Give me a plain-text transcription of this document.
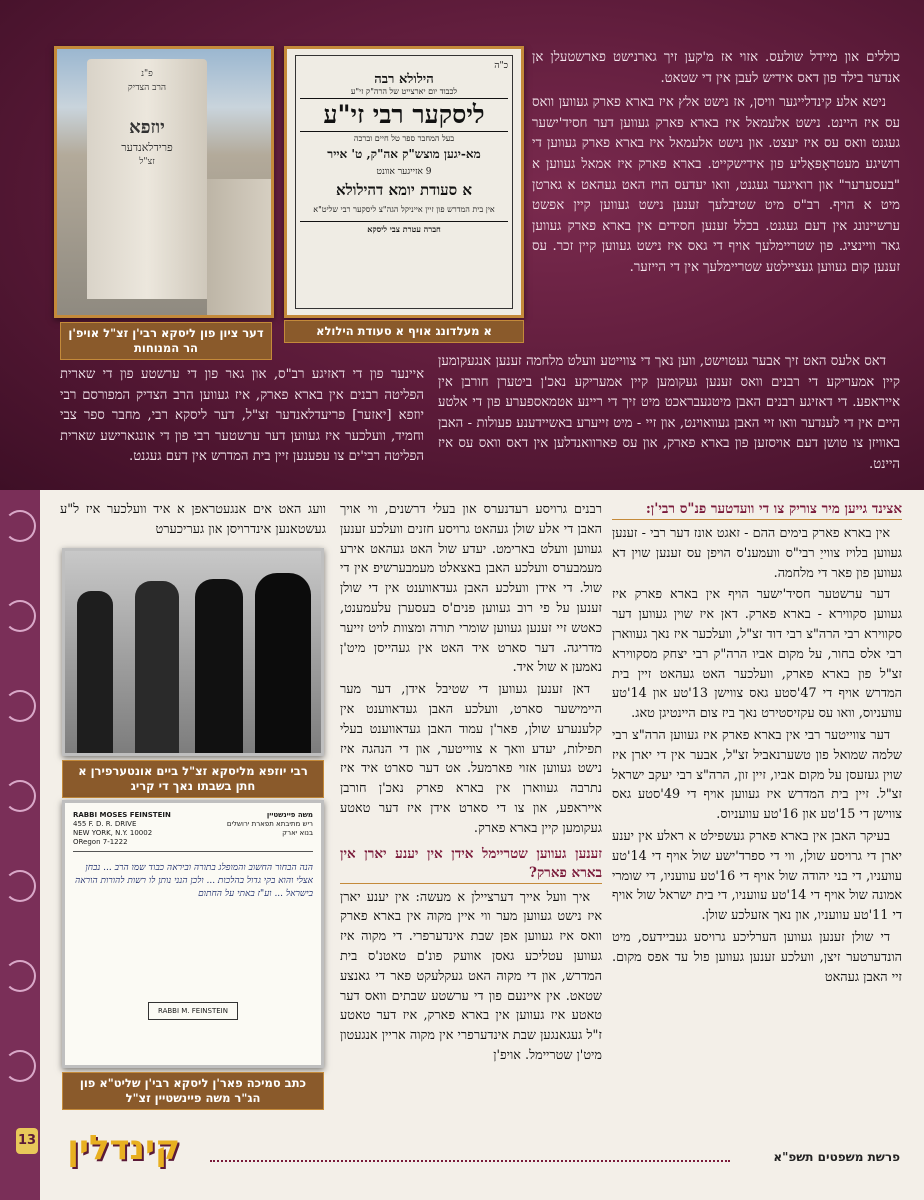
כוללים און מיידל שולעס. אזוי אז מ'קען זיך גארנישט פארשטעלן אן אנדער בילד פון דאס אידיש לעבן אין די שטאט.

ניטא אלע קינדלייגער וויסן, אז נישט אלץ איז בארא פארק געווען וואס עס איז היינט. נישט אלעמאל איז בארא פארק געווען דער חסיד'ישער געגנט וואס עס איז יעצט. און נישט אלעמאל איז בארא פארק געווען די רושיגע מעטראָפּאָליע פון אידישקייט. בארא פארק איז אמאל געווען א "בעסערער" און רואיגער געגנט, וואו יעדעס הויז האט געהאט א גארטן מיט א הויף. רב"ס מיט שטיבלעך זענען נישט געווען קיין אפשט ערשיינונג אין דעם געגנט. בכלל זענען חסידים אין בארא פארק געווען גאר וויינציג. פון שטריימלעך אויף די גאס איז נישט געווען קיין זכר. עס זענען קום געווען געציילטע שטריימלעך אין די הייזער.

דאס אלעס האט זיך אבער געטוישט, ווען נאך די צווייטע וועלט מלחמה זענען אנגעקומען קיין אמעריקע די רבנים וואס זענען געקומען קיין אמעריקע נאכ'ן ביטערן חורבן אין אייראפע. די דאזיגע רבנים האבן מיטגעבראכט מיט זיך די ריינע אטמאספערע פון די אלטע היים אין די לענדער וואו זיי האבן געוואוינט, און זיי - מיט זייערע באשיידענע פעולות - האבן באוויזן צו טושן דעם אויסזען פון בארא פארק, און עס פארוואנדלען אין דאס וואס עס איז היינט.

איינער פון די דאזיגע רב"ס, און גאר פון די ערשטע פון די שארית הפליטה רבנים אין בארא פארק, איז געווען הרב הצדיק המפורסם רבי יוזפא [יאזער] פריעדלאנדער זצ"ל, דער ליסקא רבי, מחבר ספר צבי וחמיד, וועלכער איז געווען דער ערשטער רבי פון די אונגארישע שארית הפליטה רבי'ים צו עפענען זיין בית המדרש אין דעם געגנט.

כ"ה
הילולא רבה
לכבוד יום יארצייט של הרה"ק זי"ע
ליסקער רבי זי"ע
בעל המחבר ספר טל חיים וברכה
מא-יגען מוצש"ק אה"ק, ט' אייר
9 אזייגער אוונט
א סעודת יומא דהילולא
אין בית המדרש פון זיין אייניקל הגה"צ ליסקער רבי שליט"א
חברה עטרת צבי ליסקא
א מעלדונג אויף א סעודת הילולא
פ"נ
הרב הצדיק
יוזפא
פרידלאנדער
זצ"ל
דער ציון פון ליסקא רבי'ן זצ"ל אויפ'ן הר המנוחות
אצינד גייען מיר צוריק צו די וועדטער פנ"ס רבי'ן:

אין בארא פארק בימים ההם - זאגט אונז דער רבי - זענען געווען בלויז צווייַ רבי"ס וועמענ'ס הויפן עס זענען שוין דא געווען פון פאר די מלחמה.

דער ערשטער חסיד'ישער הויף אין בארא פארק איז געווען סקווירא - בארא פארק. דאן איז שוין געווען דער סקווירא רבי הרה"צ רבי דוד זצ"ל, וועלכער איז נאך געווארן רבי אלס בחור, על מקום אביו הרה"ק רבי יצחק מסקווירא זצ"ל פון בארא פארק, וועלכער האט געהאט זיין בית המדרש אויף די 47'סטע גאס צווישן 13'טע און 14'טע עוועניוס, וואו עס עקזיסטירט נאך ביז צום היינטיגן טאג.

דער צווייטער רבי אין בארא פארק איז געווען הרה"צ רבי שלמה שמואל פון טשערנאביל זצ"ל, אבער אין די יארן איז שוין געזעסן על מקום אביו, זיין זון, הרה"צ רבי יעקב ישראל זצ"ל. זיין בית המדרש איז געווען אויף די 49'סטע גאס צווישן די 15'טע און 16'טע עוועניוס.

בעיקר האבן אין בארא פארק געשפילט א ראלע אין יענע יארן די גרויסע שולן, ווי די ספרד'ישע שול אויף די 14'טע עוועניו, די בני יהודה שול אויף די 16'טע עוועניו, די שומרי אמונה שול אויף די 14'טע עוועניו, די בית ישראל שול אויף די 11'טע עוועניו, און נאך אזעלכע שולן.

די שולן זענען געווען הערליכע גרויסע געביידעס, מיט הונדערטער זיצן, וועלכע זענען געווען פול עד אפס מקום. זיי האבן געהאט

רבנים גרויסע רעדנערס און בעלי דרשנים, ווי אויך האבן די אלע שולן געהאט גרויסע חזנים וועלכע זענען געווען וועלט בארימט. יעדע שול האט געהאט אירע מעמבערס וועלכע האבן באצאלט מעמבערשיפ אין די שול. די אידן וועלכע האבן געדאווענט אין די שולן זענען על פי רוב געווען פנים'ס בעסערן עלעמענט, כאטש זיי זענען געווען שומרי תורה ומצוות לויט זייער מדריגה. דער סארט איד האט אין געהייסן מיט'ן נאמען א שול איד.

דאן זענען געווען די שטיבל אידן, דער מער היימישער סארט, וועלכע האבן געדאווענט אין קלענערע שולן, פאר'ן עמוד האבן געדאווענט בעלי תפילות, יעדע וואך א צווייטער, און די הנהגה איז נישט געווען אזוי פארמעל. אט דער סארט איד איז נתרבה געווארן אין בארא פארק נאכ'ן חורבן אייראפע, און צו די סארט אידן איז דער טאטע געקומען קיין בארא פארק.

זענען געווען שטריימל אידן אין יענע יארן אין בארא פארק?

איך וועל אייך דערציילן א מעשה: אין יענע יארן איז נישט געווען מער ווי איין מקוה אין בארא פארק וואס איז געווען אפן שבת אינדערפרי. די מקוה איז געווען עטליכע גאסן אוועק פונ'ם טאטנ'ס בית המדרש, און די מקוה האט געקלעקט פאר די גאנצע שטאט. אין איינעם פון די ערשטע שבתים וואס דער טאטע איז געווען אין בארא פארק, איז דער טאטע ז"ל געגאנגען שבת אינדערפרי אין מקוה אריין אנגעטון מיט'ן שטריימל. אויפ'ן

וועג האט אים אנגעטראפן א איד וועלכער איז ל"ע געשטאנען אינדרויסן און געריכערט

רבי יוזפא מליסקא זצ"ל ביים אונטערפירן א חתן בשבתו נאך די קריג
RABBI MOSES FEINSTEIN
455 F. D. R. DRIVE
NEW YORK, N.Y. 10002
ORegon 7-1222
משה פיינשטיין
ריש מתיבתא תפארת ירושלים
בנוא יארק
הנה הבחור החשוב והמופלג בתורה וביראה כבוד שמו הרב ... נבחן אצלי והוא בקי גדול בהלכות ... ולכן הנני נותן לו רשות להורות הוראה בישראל ... וע"ז באתי על החתום
RABBI M. FEINSTEIN
כתב סמיכה פאר'ן ליסקא רבי'ן שליט"א פון הג"ר משה פיינשטיין זצ"ל
13 קינדלין	פרשת משפטים תשפ"א
